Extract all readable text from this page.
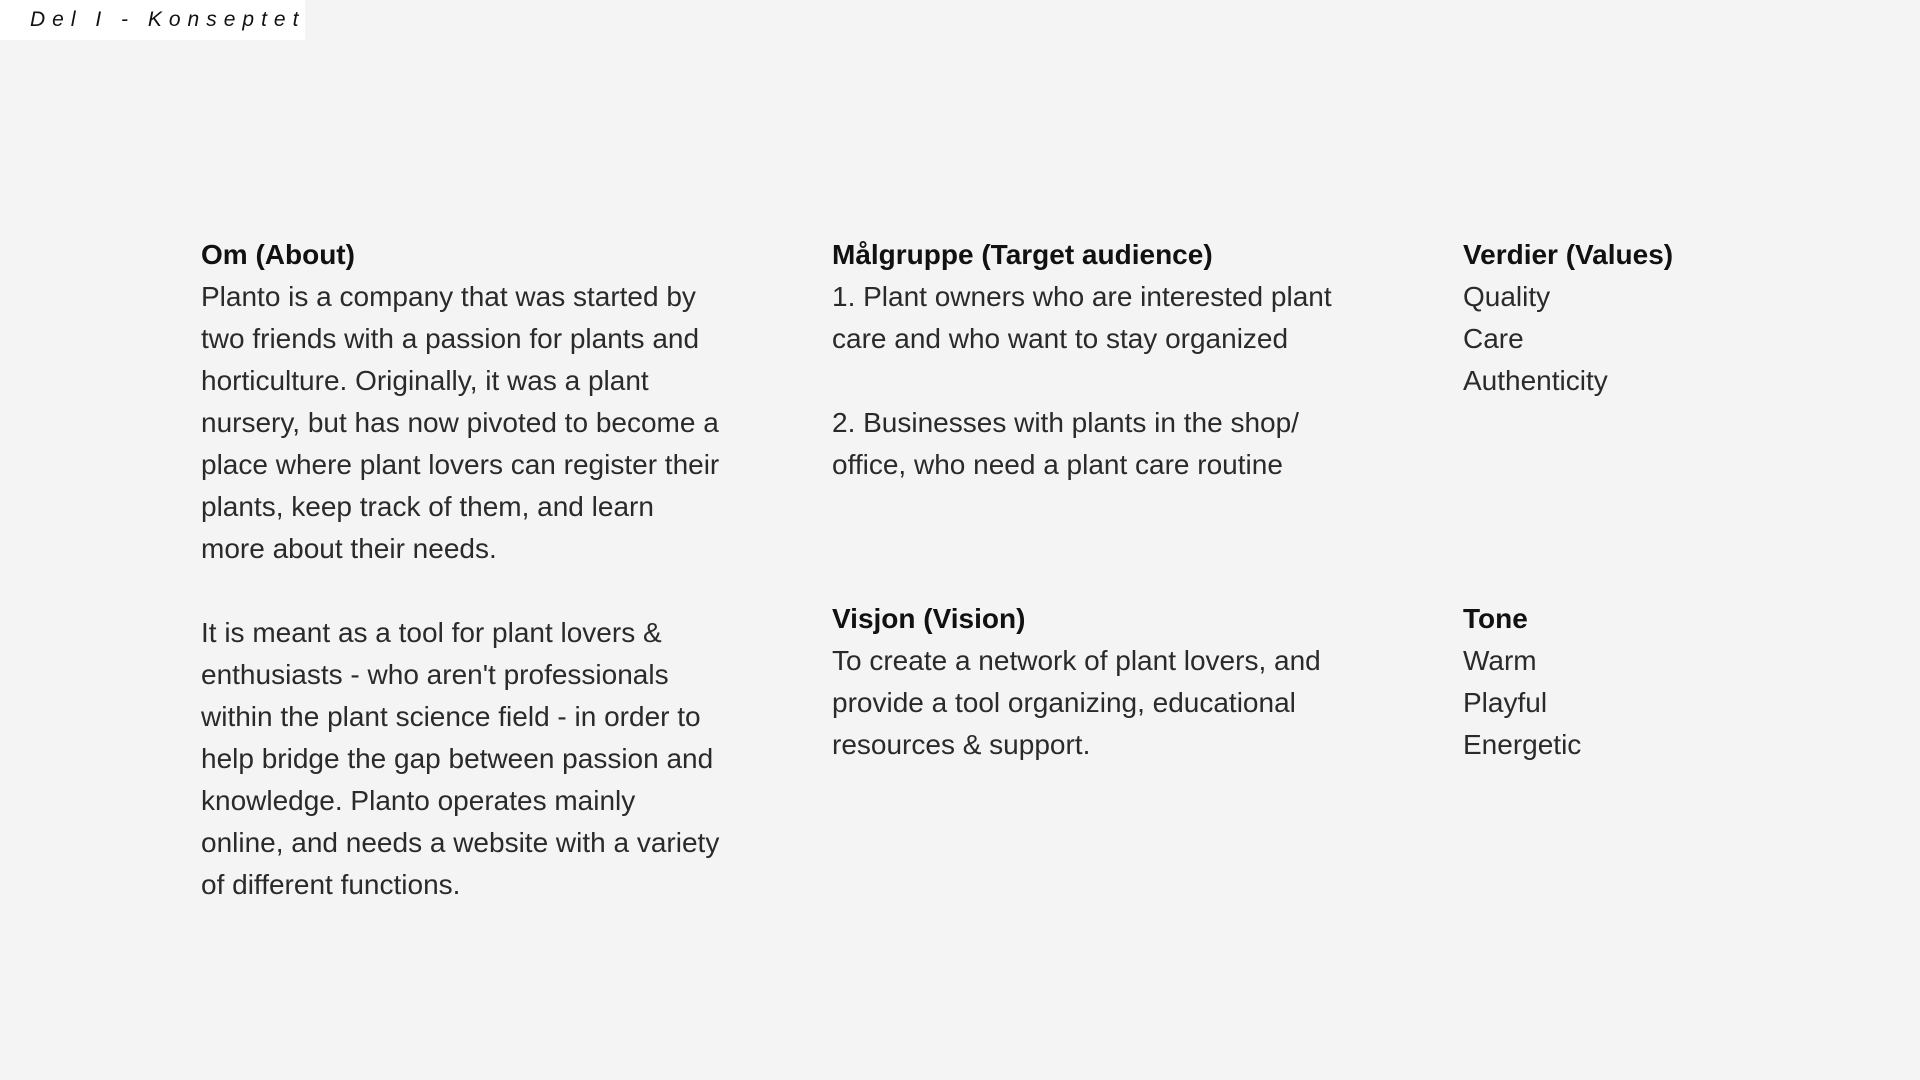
Del I - Konseptet
Om (About)

Planto is a company that was started by two friends with a passion for plants and horticulture. Originally, it was a plant nursery, but has now pivoted to become a place where plant lovers can register their plants, keep track of them, and learn more about their needs.

It is meant as a tool for plant lovers & enthusiasts - who aren't professionals within the plant science field - in order to help bridge the gap between passion and knowledge. Planto operates mainly online, and needs a website with a variety of different functions.

Målgruppe (Target audience)

1. Plant owners who are interested plant care and who want to stay organized

2. Businesses with plants in the shop/ office, who need a plant care routine

Verdier (Values)
Quality
Care
Authenticity
Visjon (Vision)

To create a network of plant lovers, and provide a tool organizing, educational resources & support.

Tone
Warm
Playful
Energetic
